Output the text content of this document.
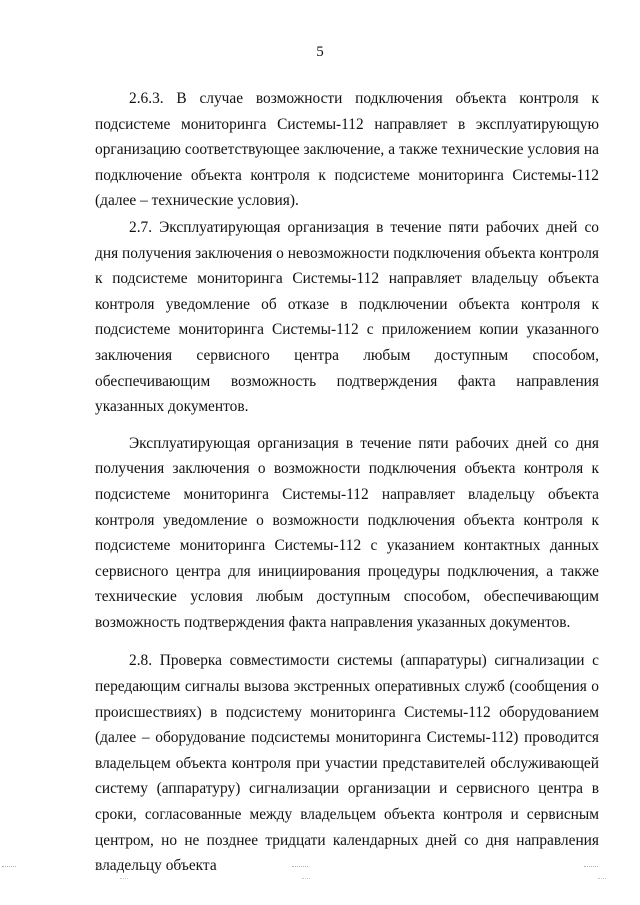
5

2.6.3. В случае возможности подключения объекта контроля к подсистеме мониторинга Системы-112 направляет в эксплуатирующую организацию соответствующее заключение, а также технические условия на подключение объекта контроля к подсистеме мониторинга Системы-112 (далее – технические условия).

2.7. Эксплуатирующая организация в течение пяти рабочих дней со дня получения заключения о невозможности подключения объекта контроля к подсистеме мониторинга Системы-112 направляет владельцу объекта контроля уведомление об отказе в подключении объекта контроля к подсистеме мониторинга Системы-112 с приложением копии указанного заключения сервисного центра любым доступным способом, обеспечивающим возможность подтверждения факта направления указанных документов.

Эксплуатирующая организация в течение пяти рабочих дней со дня получения заключения о возможности подключения объекта контроля к подсистеме мониторинга Системы-112 направляет владельцу объекта контроля уведомление о возможности подключения объекта контроля к подсистеме мониторинга Системы-112 с указанием контактных данных сервисного центра для инициирования процедуры подключения, а также технические условия любым доступным способом, обеспечивающим возможность подтверждения факта направления указанных документов.

2.8. Проверка совместимости системы (аппаратуры) сигнализации с передающим сигналы вызова экстренных оперативных служб (сообщения о происшествиях) в подсистему мониторинга Системы-112 оборудованием (далее – оборудование подсистемы мониторинга Системы-112) проводится владельцем объекта контроля при участии представителей обслуживающей систему (аппаратуру) сигнализации организации и сервисного центра в сроки, согласованные между владельцем объекта контроля и сервисным центром, но не позднее тридцати календарных дней со дня направления владельцу объекта
